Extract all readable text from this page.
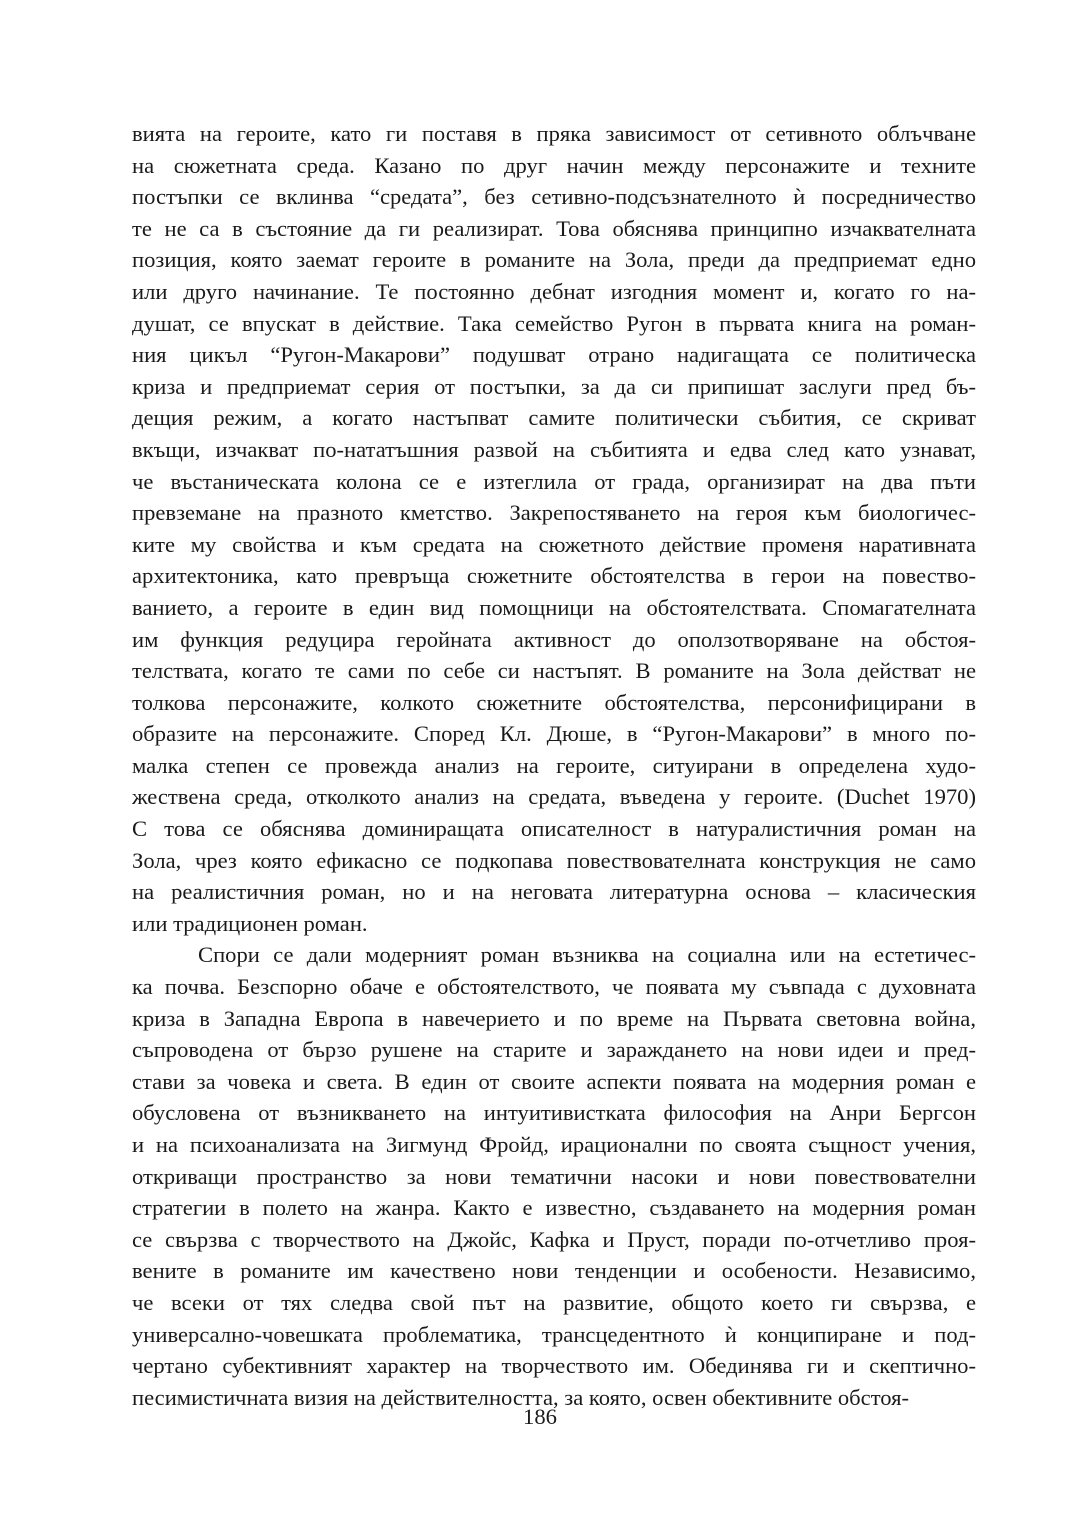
вията на героите, като ги поставя в пряка зависимост от сетивното облъчване
на сюжетната среда. Казано по друг начин между персонажите и техните
постъпки се вклинва “средата”, без сетивно-подсъзнателното ѝ посредничество
те не са в състояние да ги реализират. Това обяснява принципно изчаквателната
позиция, която заемат героите в романите на Зола, преди да предприемат едно
или друго начинание. Те постоянно дебнат изгодния момент и, когато го на-
душат, се впускат в действие. Така семейство Ругон в първата книга на роман-
ния цикъл “Ругон-Макарови” подушват отрано надигащата се политическа
криза и предприемат серия от постъпки, за да си припишат заслуги пред бъ-
дещия режим, а когато настъпват самите политически събития, се скриват
вкъщи, изчакват по-нататъшния развой на събитията и едва след като узнават,
че въстаническата колона се е изтеглила от града, организират на два пъти
превземане на празното кметство. Закрепостяването на героя към биологичес-
ките му свойства и към средата на сюжетното действие променя наративната
архитектоника, като превръща сюжетните обстоятелства в герои на повество-
ванието, а героите в един вид помощници на обстоятелствата. Спомагателната
им функция редуцира геройната активност до оползотворяване на обстоя-
телствата, когато те сами по себе си настъпят. В романите на Зола действат не
толкова персонажите, колкото сюжетните обстоятелства, персонифицирани в
образите на персонажите. Според Кл. Дюше, в “Ругон-Макарови” в много по-
малка степен се провежда анализ на героите, ситуирани в определена худо-
жествена среда, отколкото анализ на средата, въведена у героите. (Duchet 1970)
С това се обяснява доминиращата описателност в натуралистичния роман на
Зола, чрез която ефикасно се подкопава повествователната конструкция не само
на реалистичния роман, но и на неговата литературна основа – класическия
или традиционен роман.
Спори се дали модерният роман възниква на социална или на естетичес-
ка почва. Безспорно обаче е обстоятелството, че появата му съвпада с духовната
криза в Западна Европа в навечерието и по време на Първата световна война,
съпроводена от бързо рушене на старите и зараждането на нови идеи и пред-
стави за човека и света. В един от своите аспекти появата на модерния роман е
обусловена от възникването на интуитивистката философия на Анри Бергсон
и на психоанализата на Зигмунд Фройд, ирационални по своята същност учения,
откриващи пространство за нови тематични насоки и нови повествователни
стратегии в полето на жанра. Както е известно, създаването на модерния роман
се свързва с творчеството на Джойс, Кафка и Пруст, поради по-отчетливо проя-
вените в романите им качествено нови тенденции и особености. Независимо,
че всеки от тях следва свой път на развитие, общото което ги свързва, е
универсално-човешката проблематика, трансцедентното ѝ конципиране и под-
чертано субективният характер на творчеството им. Обединява ги и скептично-
песимистичната визия на действителността, за която, освен обективните обстоя-
186
